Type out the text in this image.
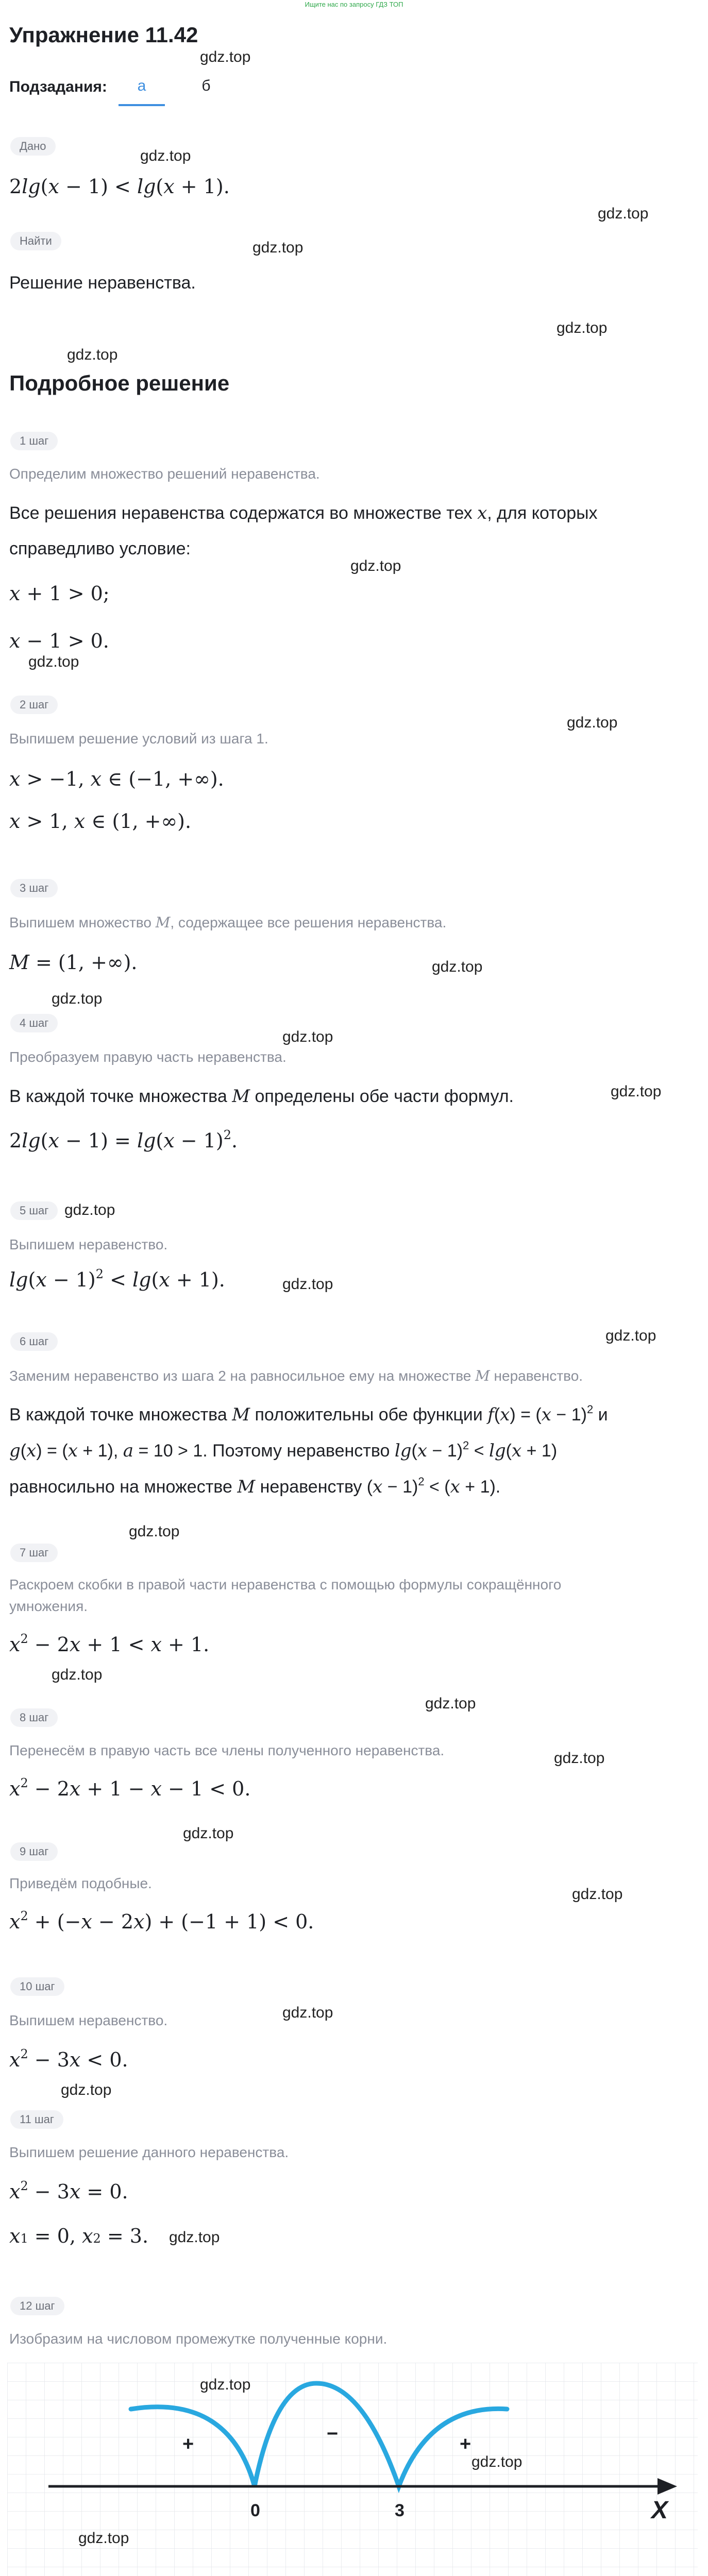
Ищите нас по запросу ГДЗ ТОП
Упражнение 11.42
gdz.top
Подзадания:	а	б
Дано
gdz.top
2lg(x − 1) < lg(x + 1).
gdz.top
Найти	gdz.top
Решение неравенства.
gdz.top
gdz.top
Подробное решение
1 шаг
Определим множество решений неравенства.
Все решения неравенства содержатся во множестве тех x, для которых
справедливо условие:
gdz.top
x + 1 > 0;
x − 1 > 0.
gdz.top
gdz.top
2 шаг
Выпишем решение условий из шага 1.
x > −1, x ∈ (−1, +∞).
x > 1, x ∈ (1, +∞).
3 шаг
Выпишем множество M, содержащее все решения неравенства.
gdz.top
M = (1, +∞).
gdz.top
4 шаг
gdz.top
Преобразуем правую часть неравенства.
gdz.top
В каждой точке множества M определены обе части формул.
$2\lg(x - 1) = \lg(x - 1)^2$.
5 шаг	gdz.top
Выпишем неравенство.
gdz.top
$\lg(x - 1)^2 < \lg(x + 1)$.
gdz.top
6 шаг
Заменим неравенство из шага 2 на равносильное ему на множестве M неравенство.
В каждой точке множества M положительны обе функции $f(x) = (x - 1)^2$ и
g(x) = (x + 1), a = 10 > 1. Поэтому неравенство $\lg(x - 1)^2 < \lg(x + 1)$
равносильно на множестве M неравенству $(x - 1)^2 < (x + 1)$.
gdz.top
7 шаг
Раскроем скобки в правой части неравенства с помощью формулы сокращённого
умножения.
$x^2 - 2x + 1 < x + 1$.
gdz.top
gdz.top
8 шаг
gdz.top
Перенесём в правую часть все члены полученного неравенства.
$x^2 - 2x + 1 - x - 1 < 0$.
gdz.top
9 шаг
Приведём подобные.
gdz.top
$x^2 + (-x - 2x) + (-1 + 1) < 0$.
10 шаг
gdz.top
Выпишем неравенство.
$x^2 - 3x < 0$.
gdz.top
11 шаг
Выпишем решение данного неравенства.
$x^2 - 3x = 0$.
x1 = 0, x2 = 3. gdz.top
12 шаг
Изобразим на числовом промежутке полученные корни.
+	−	+
0	3	X
gdz.top
gdz.top
gdz.top
